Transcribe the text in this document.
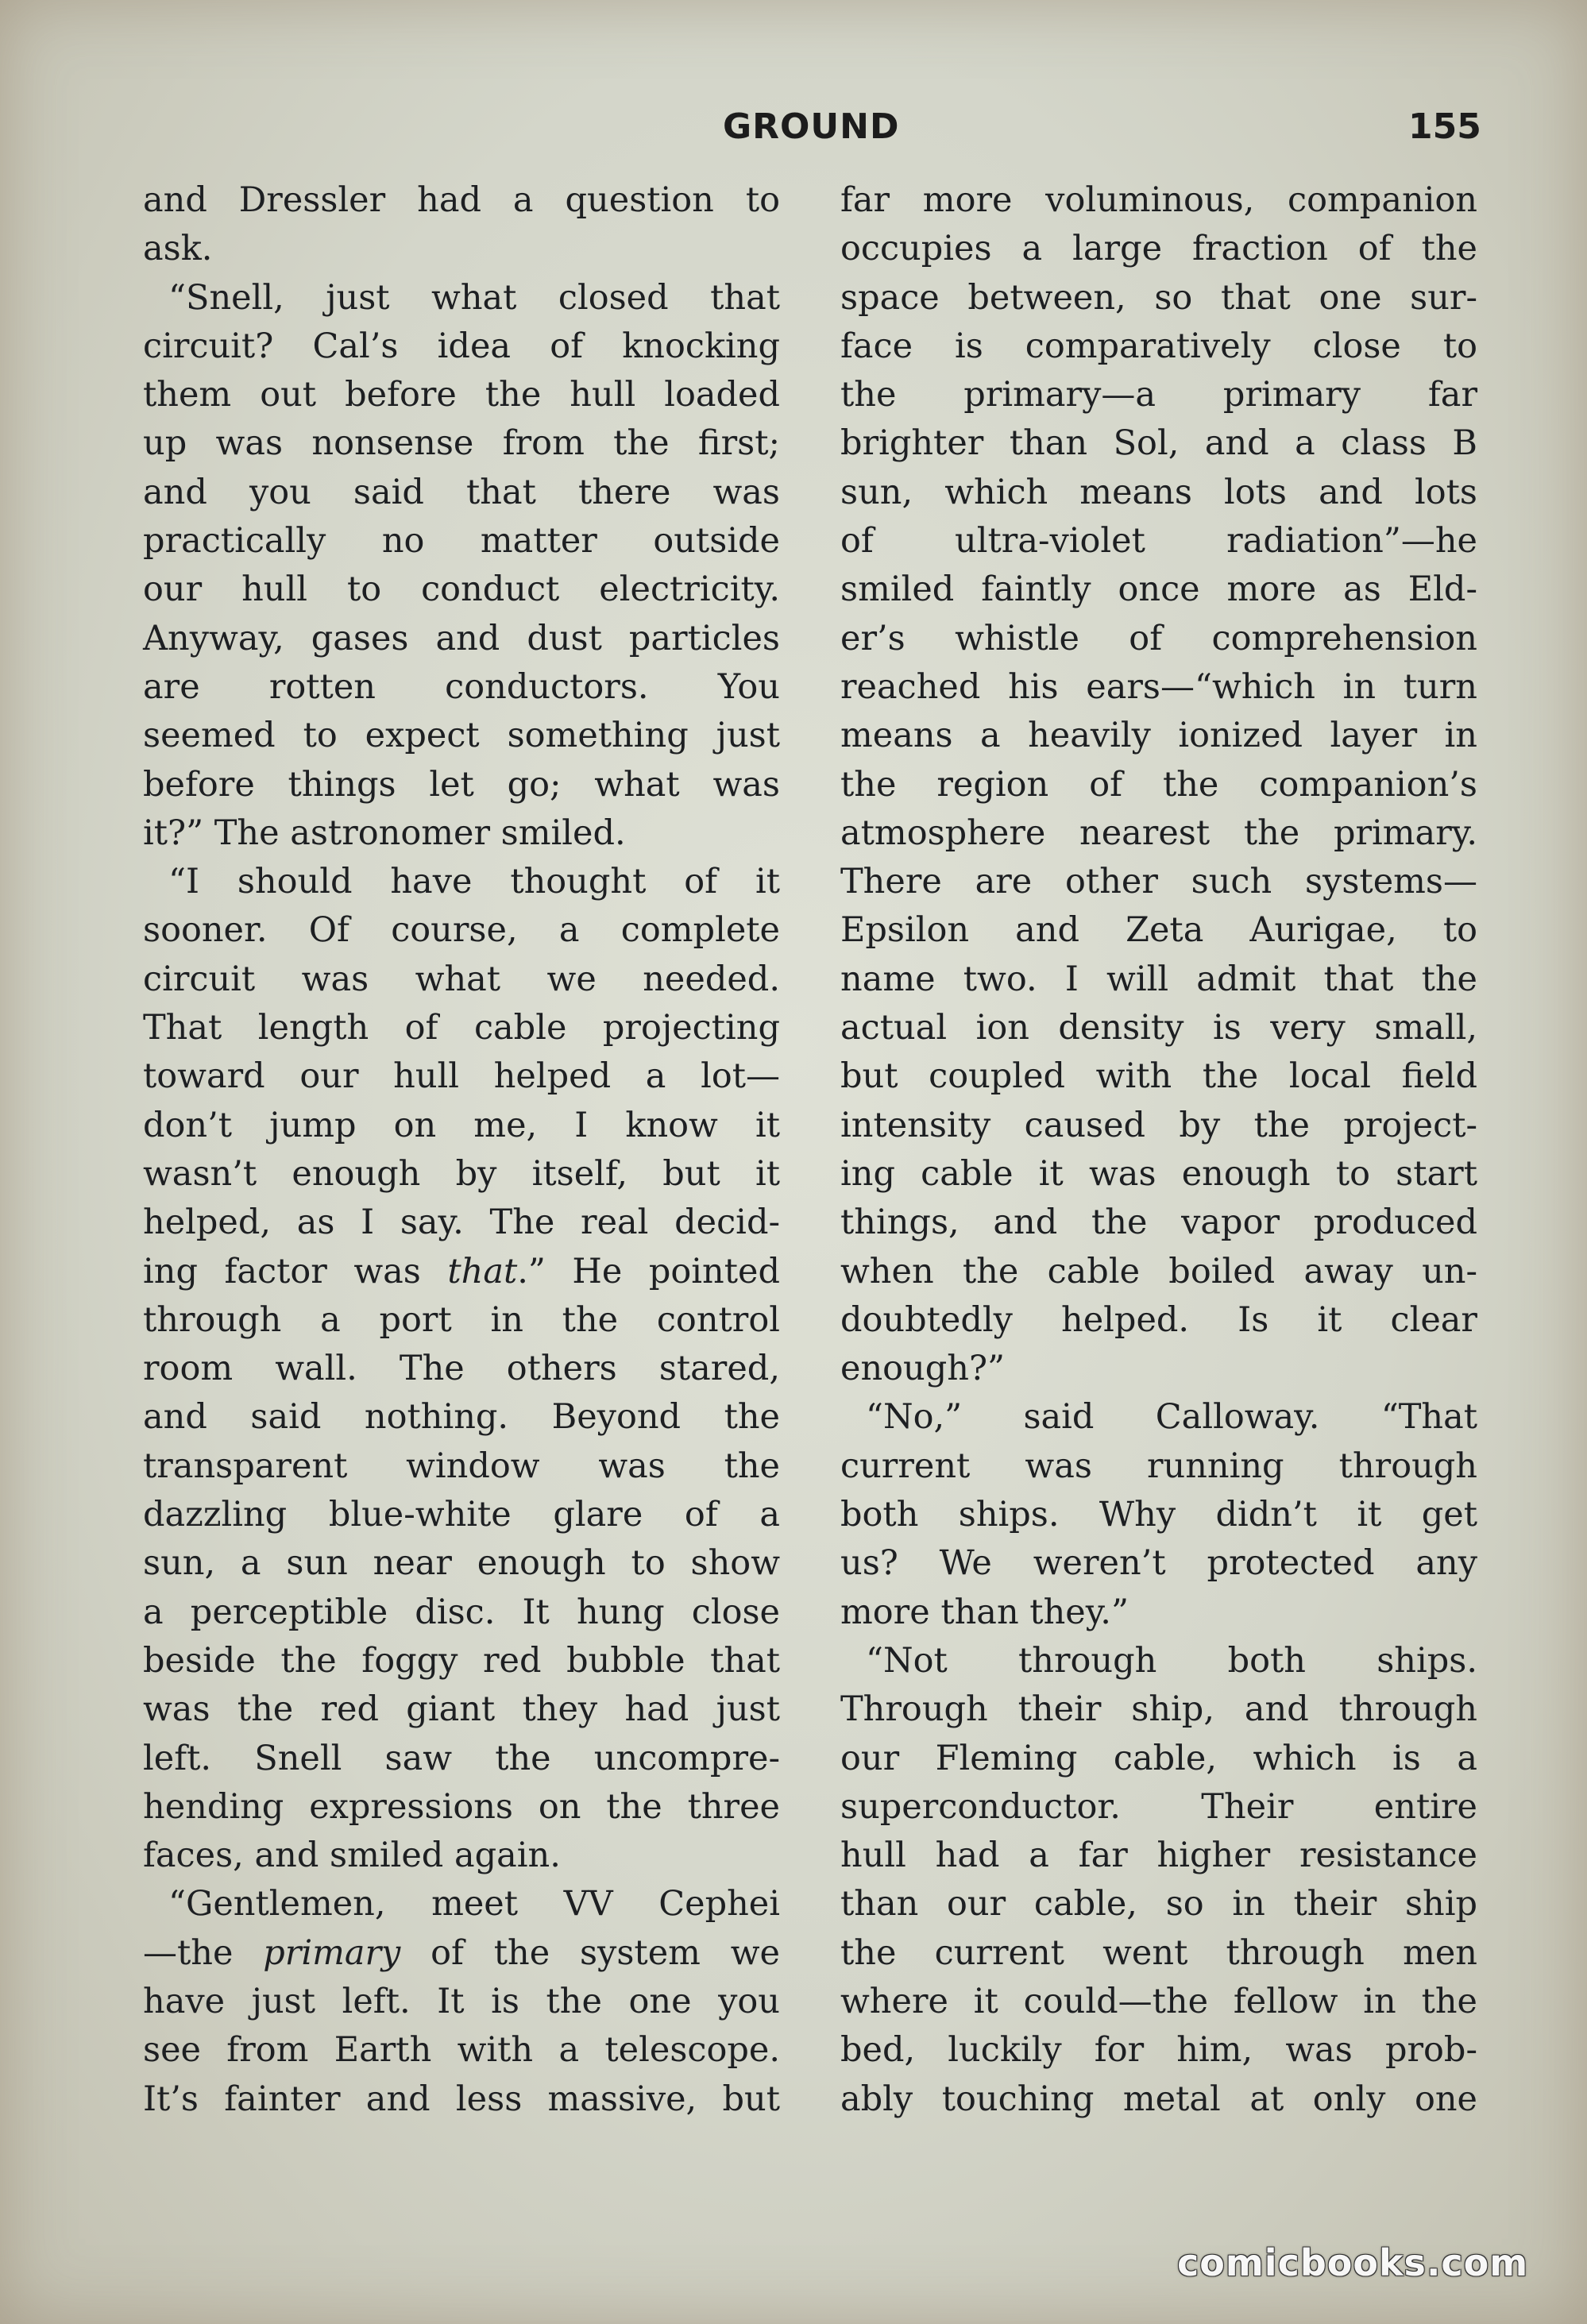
GROUND	155
and Dressler had a question to
ask.
“Snell, just what closed that
circuit? Cal’s idea of knocking
them out before the hull loaded
up was nonsense from the first;
and you said that there was
practically no matter outside
our hull to conduct electricity.
Anyway, gases and dust particles
are rotten conductors. You
seemed to expect something just
before things let go; what was
it?” The astronomer smiled.
“I should have thought of it
sooner. Of course, a complete
circuit was what we needed.
That length of cable projecting
toward our hull helped a lot—
don’t jump on me, I know it
wasn’t enough by itself, but it
helped, as I say. The real decid-
ing factor was that.” He pointed
through a port in the control
room wall. The others stared,
and said nothing. Beyond the
transparent window was the
dazzling blue-white glare of a
sun, a sun near enough to show
a perceptible disc. It hung close
beside the foggy red bubble that
was the red giant they had just
left. Snell saw the uncompre-
hending expressions on the three
faces, and smiled again.
“Gentlemen, meet VV Cephei
—the primary of the system we
have just left. It is the one you
see from Earth with a telescope.
It’s fainter and less massive, but
far more voluminous, companion
occupies a large fraction of the
space between, so that one sur-
face is comparatively close to
the primary—a primary far
brighter than Sol, and a class B
sun, which means lots and lots
of ultra-violet radiation”—he
smiled faintly once more as Eld-
er’s whistle of comprehension
reached his ears—“which in turn
means a heavily ionized layer in
the region of the companion’s
atmosphere nearest the primary.
There are other such systems—
Epsilon and Zeta Aurigae, to
name two. I will admit that the
actual ion density is very small,
but coupled with the local field
intensity caused by the project-
ing cable it was enough to start
things, and the vapor produced
when the cable boiled away un-
doubtedly helped. Is it clear
enough?”
“No,” said Calloway. “That
current was running through
both ships. Why didn’t it get
us? We weren’t protected any
more than they.”
“Not through both ships.
Through their ship, and through
our Fleming cable, which is a
superconductor. Their entire
hull had a far higher resistance
than our cable, so in their ship
the current went through men
where it could—the fellow in the
bed, luckily for him, was prob-
ably touching metal at only one
comicbooks.com
